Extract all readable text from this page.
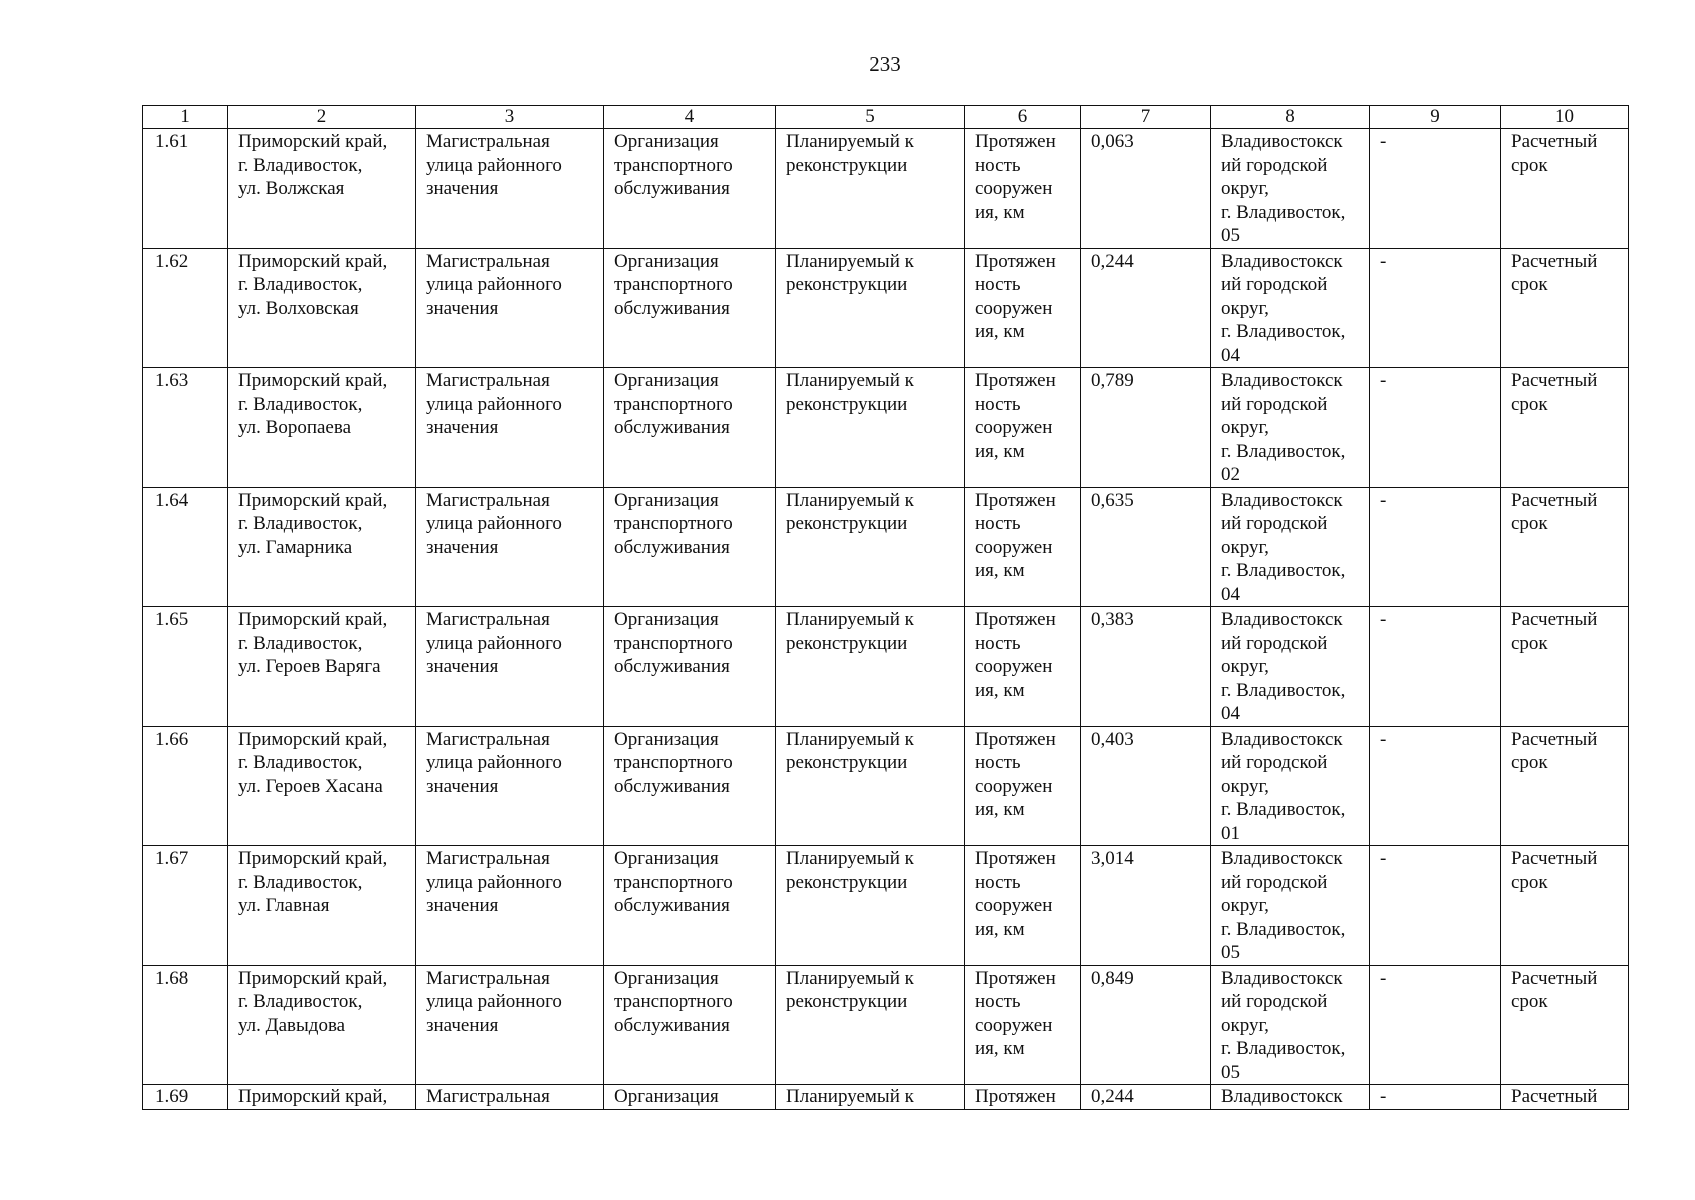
233
1	2	3	4	5	6	7	8	9	10
1.61	Приморский край,
г. Владивосток,
ул. Волжская	Магистральная
улица районного
значения	Организация
транспортного
обслуживания	Планируемый к
реконструкции	Протяжен
ность
сооружен
ия, км	0,063	Владивостокск
ий городской
округ,
г. Владивосток,
05	-	Расчетный
срок

1.62	Приморский край,
г. Владивосток,
ул. Волховская	Магистральная
улица районного
значения	Организация
транспортного
обслуживания	Планируемый к
реконструкции	Протяжен
ность
сооружен
ия, км	0,244	Владивостокск
ий городской
округ,
г. Владивосток,
04	-	Расчетный
срок

1.63	Приморский край,
г. Владивосток,
ул. Воропаева	Магистральная
улица районного
значения	Организация
транспортного
обслуживания	Планируемый к
реконструкции	Протяжен
ность
сооружен
ия, км	0,789	Владивостокск
ий городской
округ,
г. Владивосток,
02	-	Расчетный
срок

1.64	Приморский край,
г. Владивосток,
ул. Гамарника	Магистральная
улица районного
значения	Организация
транспортного
обслуживания	Планируемый к
реконструкции	Протяжен
ность
сооружен
ия, км	0,635	Владивостокск
ий городской
округ,
г. Владивосток,
04	-	Расчетный
срок

1.65	Приморский край,
г. Владивосток,
ул. Героев Варяга	Магистральная
улица районного
значения	Организация
транспортного
обслуживания	Планируемый к
реконструкции	Протяжен
ность
сооружен
ия, км	0,383	Владивостокск
ий городской
округ,
г. Владивосток,
04	-	Расчетный
срок

1.66	Приморский край,
г. Владивосток,
ул. Героев Хасана	Магистральная
улица районного
значения	Организация
транспортного
обслуживания	Планируемый к
реконструкции	Протяжен
ность
сооружен
ия, км	0,403	Владивостокск
ий городской
округ,
г. Владивосток,
01	-	Расчетный
срок

1.67	Приморский край,
г. Владивосток,
ул. Главная	Магистральная
улица районного
значения	Организация
транспортного
обслуживания	Планируемый к
реконструкции	Протяжен
ность
сооружен
ия, км	3,014	Владивостокск
ий городской
округ,
г. Владивосток,
05	-	Расчетный
срок

1.68	Приморский край,
г. Владивосток,
ул. Давыдова	Магистральная
улица районного
значения	Организация
транспортного
обслуживания	Планируемый к
реконструкции	Протяжен
ность
сооружен
ия, км	0,849	Владивостокск
ий городской
округ,
г. Владивосток,
05	-	Расчетный
срок

1.69	Приморский край,	Магистральная	Организация	Планируемый к	Протяжен	0,244	Владивостокск	-	Расчетный
